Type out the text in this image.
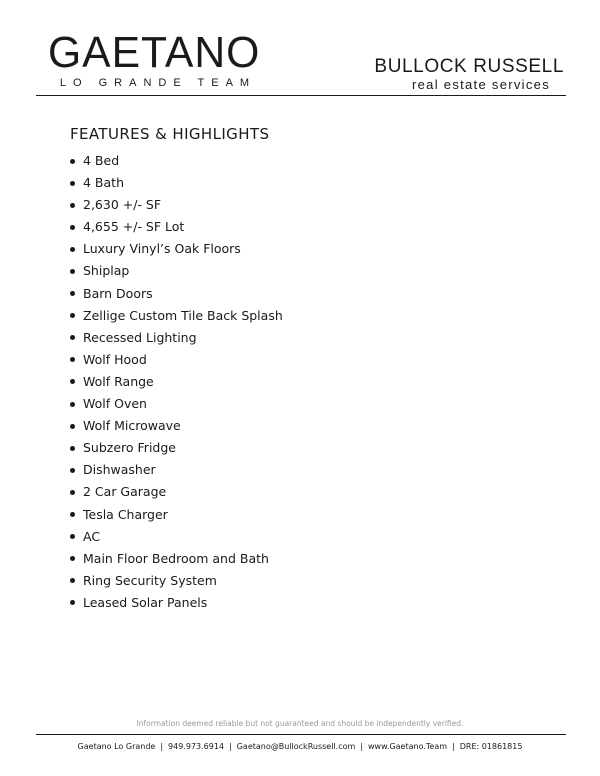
GAETANO
LO GRANDE TEAM
BULLOCK RUSSELL
real estate services
FEATURES & HIGHLIGHTS
4 Bed
4 Bath
2,630 +/- SF
4,655 +/- SF Lot
Luxury Vinyl’s Oak Floors
Shiplap
Barn Doors
Zellige Custom Tile Back Splash
Recessed Lighting
Wolf Hood
Wolf Range
Wolf Oven
Wolf Microwave
Subzero Fridge
Dishwasher
2 Car Garage
Tesla Charger
AC
Main Floor Bedroom and Bath
Ring Security System
Leased Solar Panels
Information deemed reliable but not guaranteed and should be independently verified.
Gaetano Lo Grande | 949.973.6914 | Gaetano@BullockRussell.com | www.Gaetano.Team | DRE: 01861815
